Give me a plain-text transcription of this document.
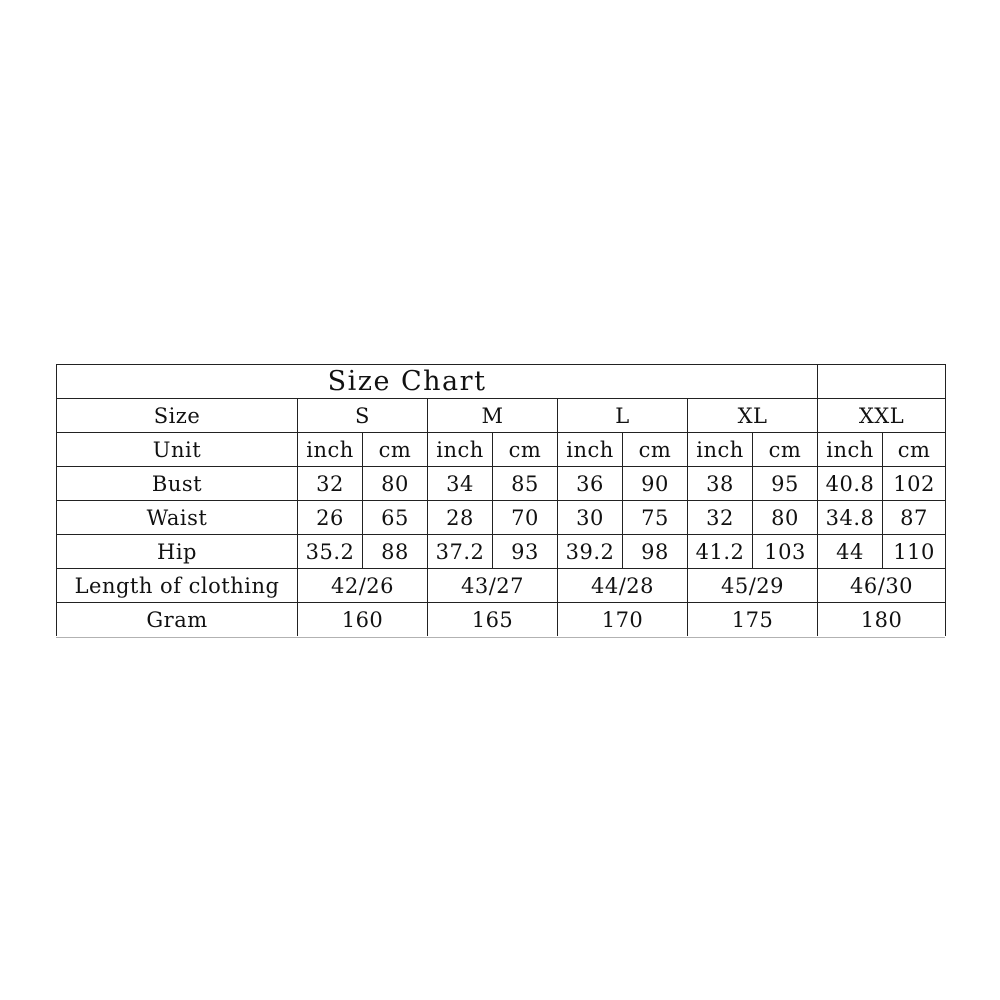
Size Chart										
Size	S		M		L		XL		XXL	
Unit	inch	cm	inch	cm	inch	cm	inch	cm	inch	cm
Bust	32	80	34	85	36	90	38	95	40.8	102
Waist	26	65	28	70	30	75	32	80	34.8	87
Hip	35.2	88	37.2	93	39.2	98	41.2	103	44	110
Length of clothing	42/26		43/27		44/28		45/29		46/30	
Gram	160		165		170		175		180	
